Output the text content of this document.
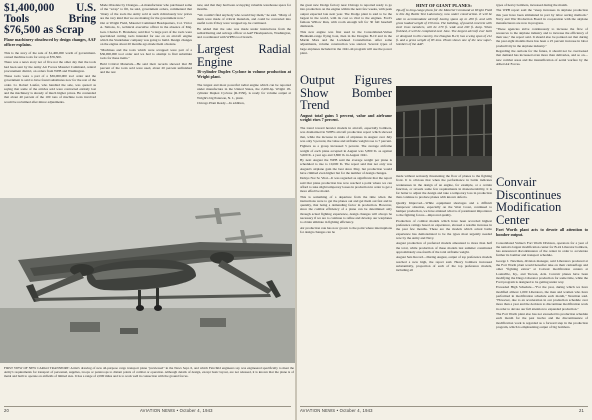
$1,400,000 U.S. Tools Bring $76,500 as Scrap
Plane machinery obsolesced by design changes, AAF officer explains.

This is the story of the sale of $1,400,000 worth of government-owned machine tools for scrap at $76,500.

There was a news story not of five not the other day that the tools had been sent by the Army Air Forces Materiel Command, central procurement district, on orders from WPB and Washington.

These tools were a part of a $36,000,000 tool order and the government is said to have found substitutes now for the rest of the order. Lt. Robert Laufer, who handled the sale, was quoted as saying that some of the articles sold were contracted entirely lost and the machinery is already of much higher prices. He contended that about 40 percent of the 100 tons of machine tools involved would be reclaimed after minor adjustments.

Made Obsolete by Changes—A manufacturer who purchased some of the "scrap" to fill, he said, government orders, commented that "many of the tools the Army sold at such ridiculously low prices are the very kind that we are making for the government now."

Out at Wright Field, Materiel Command Headquarters, Col. Victor A. Simons, Jr., technical executive officer in the absence of Maj. Gen. Charles E. Branshaw, said that "a large part of the tools were specialized cutting tools intended for use on an aircraft engine which the Studebaker company was going to build. Design changes on the engine about 20 months ago made them obsolete.

"Machines and the tools which were scrapped were part of a $36,000,000 tool order and we had to attempt to find substitute tools for these items."

Held Critical Materials—He said their records showed that 88 percent of the tools sold were used, about 20 percent unfinished and the rest

new, and that they had been occupying valuable warehouse space for months.

"We couldn't find anybody who would buy them," he said. "Many of them were made of critical materials, and could be converted into useful tools if they were wrapped up, he continued.

He added that the sale was made under instructions from the redistributing and salvage officer at AAF Headquarters, Washington, and coordinated with WPB's tool branch.

Largest Radial Engine
36-cylinder Duplex Cyclone in volume production at Wright plant.

The largest and most powerful radial engine which can be reported under manufacture in the United States, the 2,200-hp. Wright 18-cylinder Duplex Cyclone (R-3350), is ready for volume output at Wright's big Paterson, N. J., plant.

Chicago Plant Ready—In addition,

FIRST VIEW OF NEW CARGO TRANSPORT: Artist's drawing of new all-purpose cargo transport plane "previewed" in the News Sept. 6, and which Fairchild engineers say was engineered specifically to meet the Army's requirements for transport of personnel, supplies, troops or paratroops to distant points of combat or operation. Although details of design, except basic layout, are not released, it is known that the plane is of metal and built to operate on airfields of limited size. It has a range of 2,000 miles and is to work well in connection with the ground forces.
20	AVIATION NEWS • October 4, 1943

the great new Dodge factory near Chicago is reported ready to go into production on the engine within the next few weeks, with peak output expected late next year. The Dodge plant is said to be the largest in the world, with its cost so vital to the engines. Ford's famous Willow Run, with room enough left for 30 full baseball diamonds.

This new engine was first used in the Consolidated-Vultee Blenheim-range flying boat, then in the Douglas B-19 and in the Martin Mars and the Lockheed Constellation. After some adjustments, volume construction was started. Several types of large airplanes included in the 1941-44 program will use the power plant.

Output Figures Show Bomber Trend
August total gains 5 percent, value and airframe weight rises 7 percent.

The trend toward heavier models in aircraft, especially bombers, was dramatized in WPB's aircraft production report which showed that, while the increase in units of airplanes in August over July was only 5 percent, the value and airframe weight rose to 7 percent.

Fighters as a group increased 5 percent. The average airframe weight of each plane accepted in August was 5,800 lb. as against 5,600 lb. a year ago and 3,800 lb. in August 1941.

By next August the WPB said the average weight per plane is scheduled to rise to 10,000 lb. The report said that not only was August's airplane gain the best since May, but production would have climbed even higher but for the number of design changes.

Delays Not So Vital—It was regarded as significant that the report said that plane production has now reached a point where we can afford to take slight temporary losses in production in order to get a more effective model.

This is something of a departure from the time when the instructions were to get the planes out and get them out fast and in quantity, that being a demanding factor in production. However, since the combat efficiency of a plane can be determined only through actual fighting experience, design changes will always be necessary if we are to continue to refine and develop our warplanes to obtain ultimate in fighting efficiency.

Air production rate has now grown to the point where interruptions for design changes can be

HINT OF GIANT PLANES:

Tip-off to long-range plans for the Materiel Command at Wright Field is this big Battle Test Laboratory, now under construction. It will be able to accommodate aircraft having spans up to 200 ft. and with gross loaded weight of 150 tons. The building, of poured concrete with steel truss members, will be 270 ft. wide and 200 ft. deep. When finished, it will be completed next June. The largest aircraft ever built or designed in this country, the Douglas B-19, has a wing span of 212 ft. and a gross weight of 83 tons. Photo shows one of the new super-hombers of the AAF.

made without seriously threatening the flow of planes to the fighting front. It is obvious that when the performance in battle indicates weaknesses in the design of an engine, for example, or a certain function, or reveals some few requirements in maneuverability, it is far better to adjust the design and take a temporary loss in production than continue to produce planes with known defects.

Quality Improved—While equipment shortages and a difficult manpower situation, especially on the West Coast, continued to hamper production, we have attained what is of paramount importance to the fighting forces—improved quality.

Production of combat models which have been accorded highest preference ratings based on experience, showed a notable increase in the past few months. These are the models which actual battle experience has demonstrated to be the types most urgently needed now by the Army and Navy.

August production of preferred models amounted to more than half the total, while production of these models last summer constituted approximately one-fourth of the total airframe weight.

August Sets Record—During August, output of top preference models reached a new high, the report said. Heavy bombers increased substantially, proportion of each of the top preference models, including all

types of heavy bombers, increased during the month.

The WPB report said the "steep increases in airplane production this year have been stimulated in part by labor saving methods." Navy and War Production Board in cooperation with the airplane manufacturers are now in progress.

"These agencies strive continuously to increase the flow of resources to the airplane industry and to increase the efficiency of their use," the report said. It should also be pointed out that during the past eight months there has been a 25 percent increase in labor productivity in the airplane industry."

Regarding the outlook for the future, it should not be overlooked that demand has increased even more than deliveries, and so on—new combat areas and the intensification of aerial warfare by the Allied Air Forces.

Convair Discontinues Modification Center
Fort Worth plant acts to devote all attention to bomber output.

Consolidated Vultee's Fort Worth Division, operators for a year of the nation's largest modification center for B-24 Liberator bombers, has announced discontinuance of the center in order to accelerate further its bomber and transport schedule.

George J. Newman, division manager, said Liberators produced at the Fort Worth plant would hereafter take on their camouflage and other "fighting extras" at Convair modification centers at Louisville, Ky., and Tucson, Ariz. Convair planes have been modifying the Diego Liberator production for some time, while the Ford program is designed to be getting under way.

Exceeded High Schedule—"For the year, during which we have modified almost 1,000 Liberators, the men and women who have performed in modification schedule each month," Newman said. "However, due to an acceleration in our production schedule over more than a year and the decision to discontinue modification work in order to devote our full attention to expanded production."

The Fort Worth plant also has not exceeded its production schedule each month for the past twelve and the discontinuance of modification work is regarded as a forward step in the production program, which is emphasizing output of big bombers.

AVIATION NEWS • October 4, 1943	21
